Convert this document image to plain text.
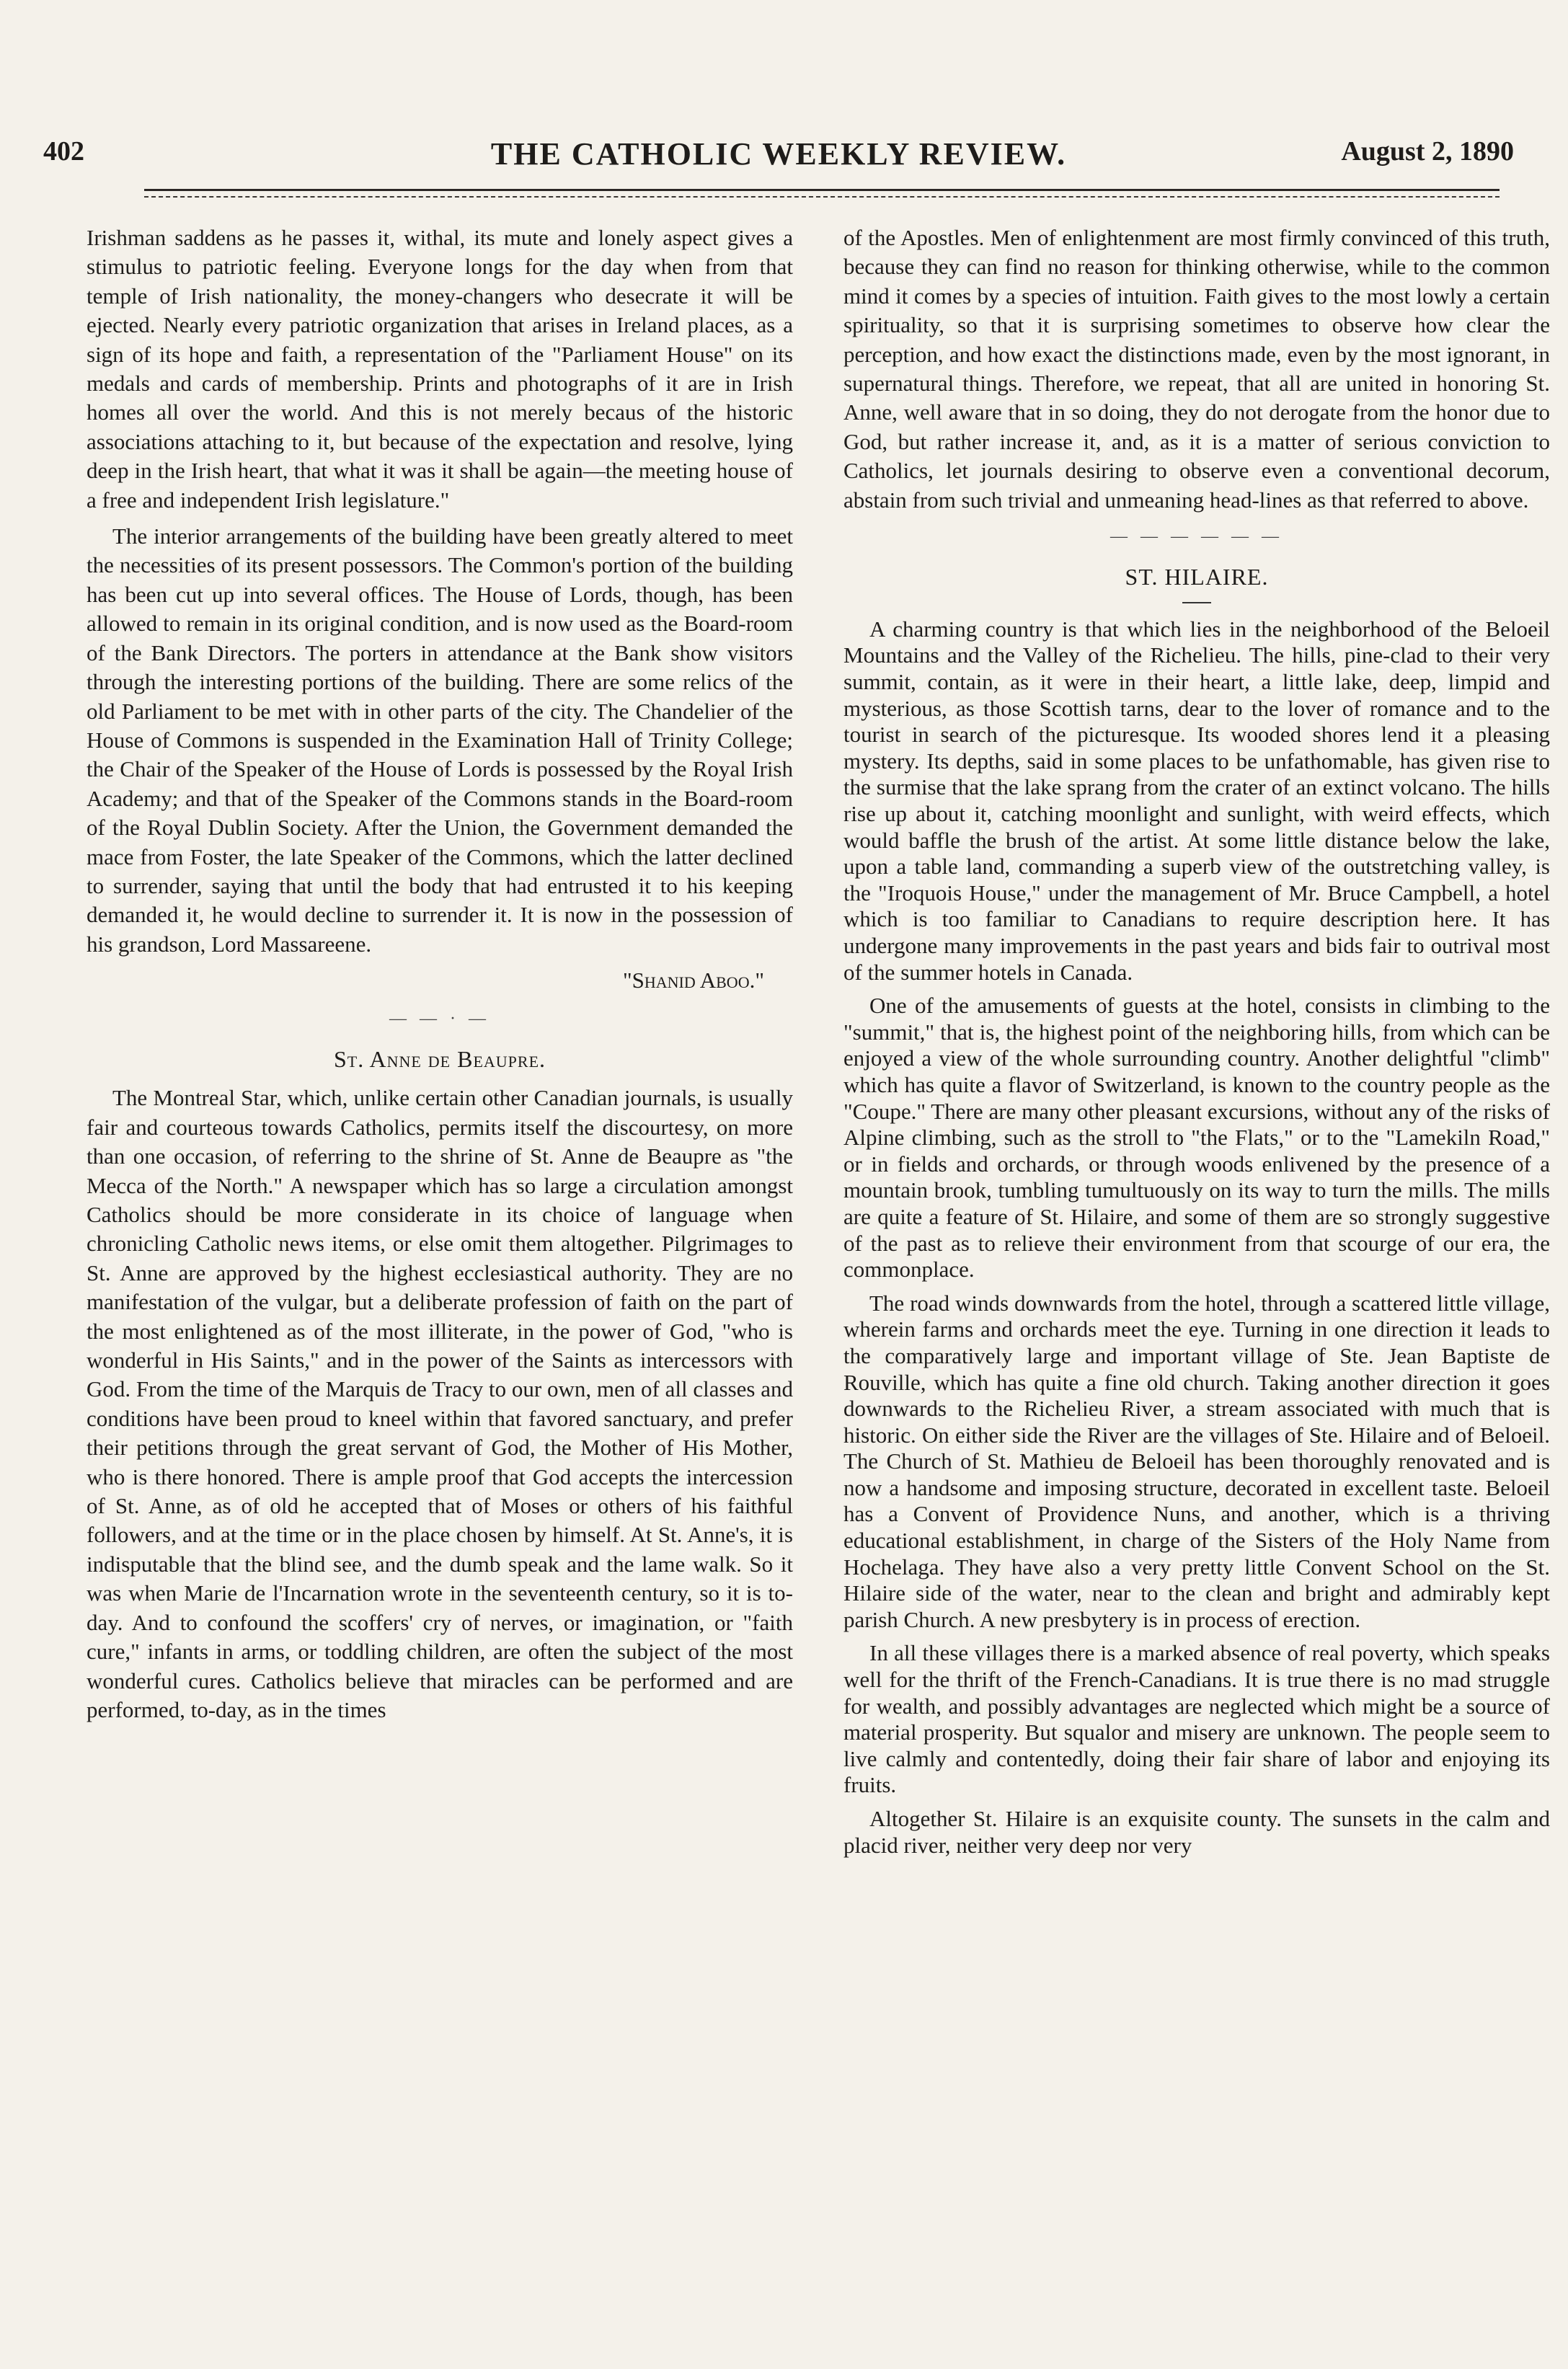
402	THE CATHOLIC WEEKLY REVIEW.	August 2, 1890

Irishman saddens as he passes it, withal, its mute and lonely aspect gives a stimulus to patriotic feeling. Everyone longs for the day when from that temple of Irish nationality, the money-changers who desecrate it will be ejected. Nearly every patriotic organization that arises in Ireland places, as a sign of its hope and faith, a representation of the "Parliament House" on its medals and cards of membership. Prints and photographs of it are in Irish homes all over the world. And this is not merely becaus of the historic associations attaching to it, but because of the expectation and resolve, lying deep in the Irish heart, that what it was it shall be again—the meeting house of a free and independent Irish legislature."

The interior arrangements of the building have been greatly altered to meet the necessities of its present possessors. The Common's portion of the building has been cut up into several offices. The House of Lords, though, has been allowed to remain in its original condition, and is now used as the Board-room of the Bank Directors. The porters in attendance at the Bank show visitors through the interesting portions of the building. There are some relics of the old Parliament to be met with in other parts of the city. The Chandelier of the House of Commons is suspended in the Examination Hall of Trinity College; the Chair of the Speaker of the House of Lords is possessed by the Royal Irish Academy; and that of the Speaker of the Commons stands in the Board-room of the Royal Dublin Society. After the Union, the Government demanded the mace from Foster, the late Speaker of the Commons, which the latter declined to surrender, saying that until the body that had entrusted it to his keeping demanded it, he would decline to surrender it. It is now in the possession of his grandson, Lord Massareene.

"Shanid Aboo."
— — · —
St. Anne de Beaupre.

The Montreal Star, which, unlike certain other Canadian journals, is usually fair and courteous towards Catholics, permits itself the discourtesy, on more than one occasion, of referring to the shrine of St. Anne de Beaupre as "the Mecca of the North." A newspaper which has so large a circulation amongst Catholics should be more considerate in its choice of language when chronicling Catholic news items, or else omit them altogether. Pilgrimages to St. Anne are approved by the highest ecclesiastical authority. They are no manifestation of the vulgar, but a deliberate profession of faith on the part of the most enlightened as of the most illiterate, in the power of God, "who is wonderful in His Saints," and in the power of the Saints as intercessors with God. From the time of the Marquis de Tracy to our own, men of all classes and conditions have been proud to kneel within that favored sanctuary, and prefer their petitions through the great servant of God, the Mother of His Mother, who is there honored. There is ample proof that God accepts the intercession of St. Anne, as of old he accepted that of Moses or others of his faithful followers, and at the time or in the place chosen by himself. At St. Anne's, it is indisputable that the blind see, and the dumb speak and the lame walk. So it was when Marie de l'Incarnation wrote in the seventeenth century, so it is to-day. And to confound the scoffers' cry of nerves, or imagination, or "faith cure," infants in arms, or toddling children, are often the subject of the most wonderful cures. Catholics believe that miracles can be performed and are performed, to-day, as in the times

of the Apostles. Men of enlightenment are most firmly convinced of this truth, because they can find no reason for thinking otherwise, while to the common mind it comes by a species of intuition. Faith gives to the most lowly a certain spirituality, so that it is surprising sometimes to observe how clear the perception, and how exact the distinctions made, even by the most ignorant, in supernatural things. Therefore, we repeat, that all are united in honoring St. Anne, well aware that in so doing, they do not derogate from the honor due to God, but rather increase it, and, as it is a matter of serious conviction to Catholics, let journals desiring to observe even a conventional decorum, abstain from such trivial and unmeaning head-lines as that referred to above.

— — — — — —
ST. HILAIRE.

A charming country is that which lies in the neighborhood of the Beloeil Mountains and the Valley of the Richelieu. The hills, pine-clad to their very summit, contain, as it were in their heart, a little lake, deep, limpid and mysterious, as those Scottish tarns, dear to the lover of romance and to the tourist in search of the picturesque. Its wooded shores lend it a pleasing mystery. Its depths, said in some places to be unfathomable, has given rise to the surmise that the lake sprang from the crater of an extinct volcano. The hills rise up about it, catching moonlight and sunlight, with weird effects, which would baffle the brush of the artist. At some little distance below the lake, upon a table land, commanding a superb view of the outstretching valley, is the "Iroquois House," under the management of Mr. Bruce Campbell, a hotel which is too familiar to Canadians to require description here. It has undergone many improvements in the past years and bids fair to outrival most of the summer hotels in Canada.

One of the amusements of guests at the hotel, consists in climbing to the "summit," that is, the highest point of the neighboring hills, from which can be enjoyed a view of the whole surrounding country. Another delightful "climb" which has quite a flavor of Switzerland, is known to the country people as the "Coupe." There are many other pleasant excursions, without any of the risks of Alpine climbing, such as the stroll to "the Flats," or to the "Lamekiln Road," or in fields and orchards, or through woods enlivened by the presence of a mountain brook, tumbling tumultuously on its way to turn the mills. The mills are quite a feature of St. Hilaire, and some of them are so strongly suggestive of the past as to relieve their environment from that scourge of our era, the commonplace.

The road winds downwards from the hotel, through a scattered little village, wherein farms and orchards meet the eye. Turning in one direction it leads to the comparatively large and important village of Ste. Jean Baptiste de Rouville, which has quite a fine old church. Taking another direction it goes downwards to the Richelieu River, a stream associated with much that is historic. On either side the River are the villages of Ste. Hilaire and of Beloeil. The Church of St. Mathieu de Beloeil has been thoroughly renovated and is now a handsome and imposing structure, decorated in excellent taste. Beloeil has a Convent of Providence Nuns, and another, which is a thriving educational establishment, in charge of the Sisters of the Holy Name from Hochelaga. They have also a very pretty little Convent School on the St. Hilaire side of the water, near to the clean and bright and admirably kept parish Church. A new presbytery is in process of erection.

In all these villages there is a marked absence of real poverty, which speaks well for the thrift of the French-Canadians. It is true there is no mad struggle for wealth, and possibly advantages are neglected which might be a source of material prosperity. But squalor and misery are unknown. The people seem to live calmly and contentedly, doing their fair share of labor and enjoying its fruits.

Altogether St. Hilaire is an exquisite county. The sunsets in the calm and placid river, neither very deep nor very
